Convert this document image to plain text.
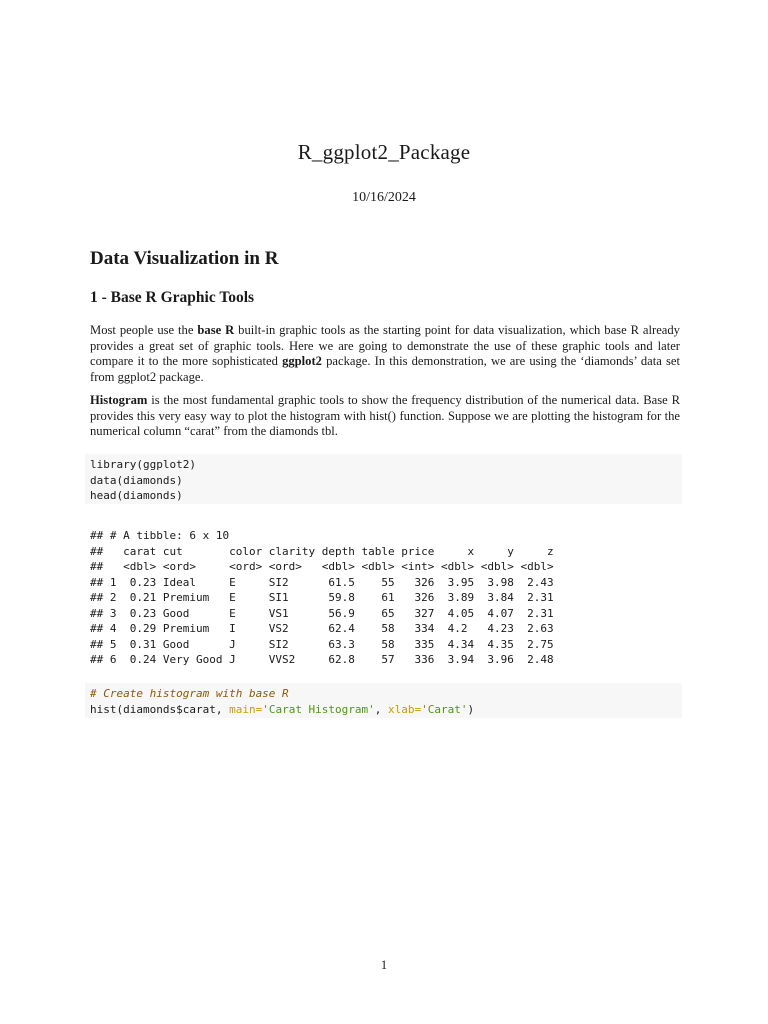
R_ggplot2_Package
10/16/2024
Data Visualization in R
1 - Base R Graphic Tools
Most people use the base R built-in graphic tools as the starting point for data visualization, which base R already provides a great set of graphic tools. Here we are going to demonstrate the use of these graphic tools and later compare it to the more sophisticated ggplot2 package. In this demonstration, we are using the ‘diamonds’ data set from ggplot2 package.
Histogram is the most fundamental graphic tools to show the frequency distribution of the numerical data. Base R provides this very easy way to plot the histogram with hist() function. Suppose we are plotting the histogram for the numerical column “carat” from the diamonds tbl.
library(ggplot2)
data(diamonds)
head(diamonds)
## # A tibble: 6 x 10
##   carat cut       color clarity depth table price     x     y     z
##   <dbl> <ord>     <ord> <ord>   <dbl> <dbl> <int> <dbl> <dbl> <dbl>
## 1  0.23 Ideal     E     SI2      61.5    55   326  3.95  3.98  2.43
## 2  0.21 Premium   E     SI1      59.8    61   326  3.89  3.84  2.31
## 3  0.23 Good      E     VS1      56.9    65   327  4.05  4.07  2.31
## 4  0.29 Premium   I     VS2      62.4    58   334  4.2   4.23  2.63
## 5  0.31 Good      J     SI2      63.3    58   335  4.34  4.35  2.75
## 6  0.24 Very Good J     VVS2     62.8    57   336  3.94  3.96  2.48
# Create histogram with base R
hist(diamonds$carat, main='Carat Histogram', xlab='Carat')
1
